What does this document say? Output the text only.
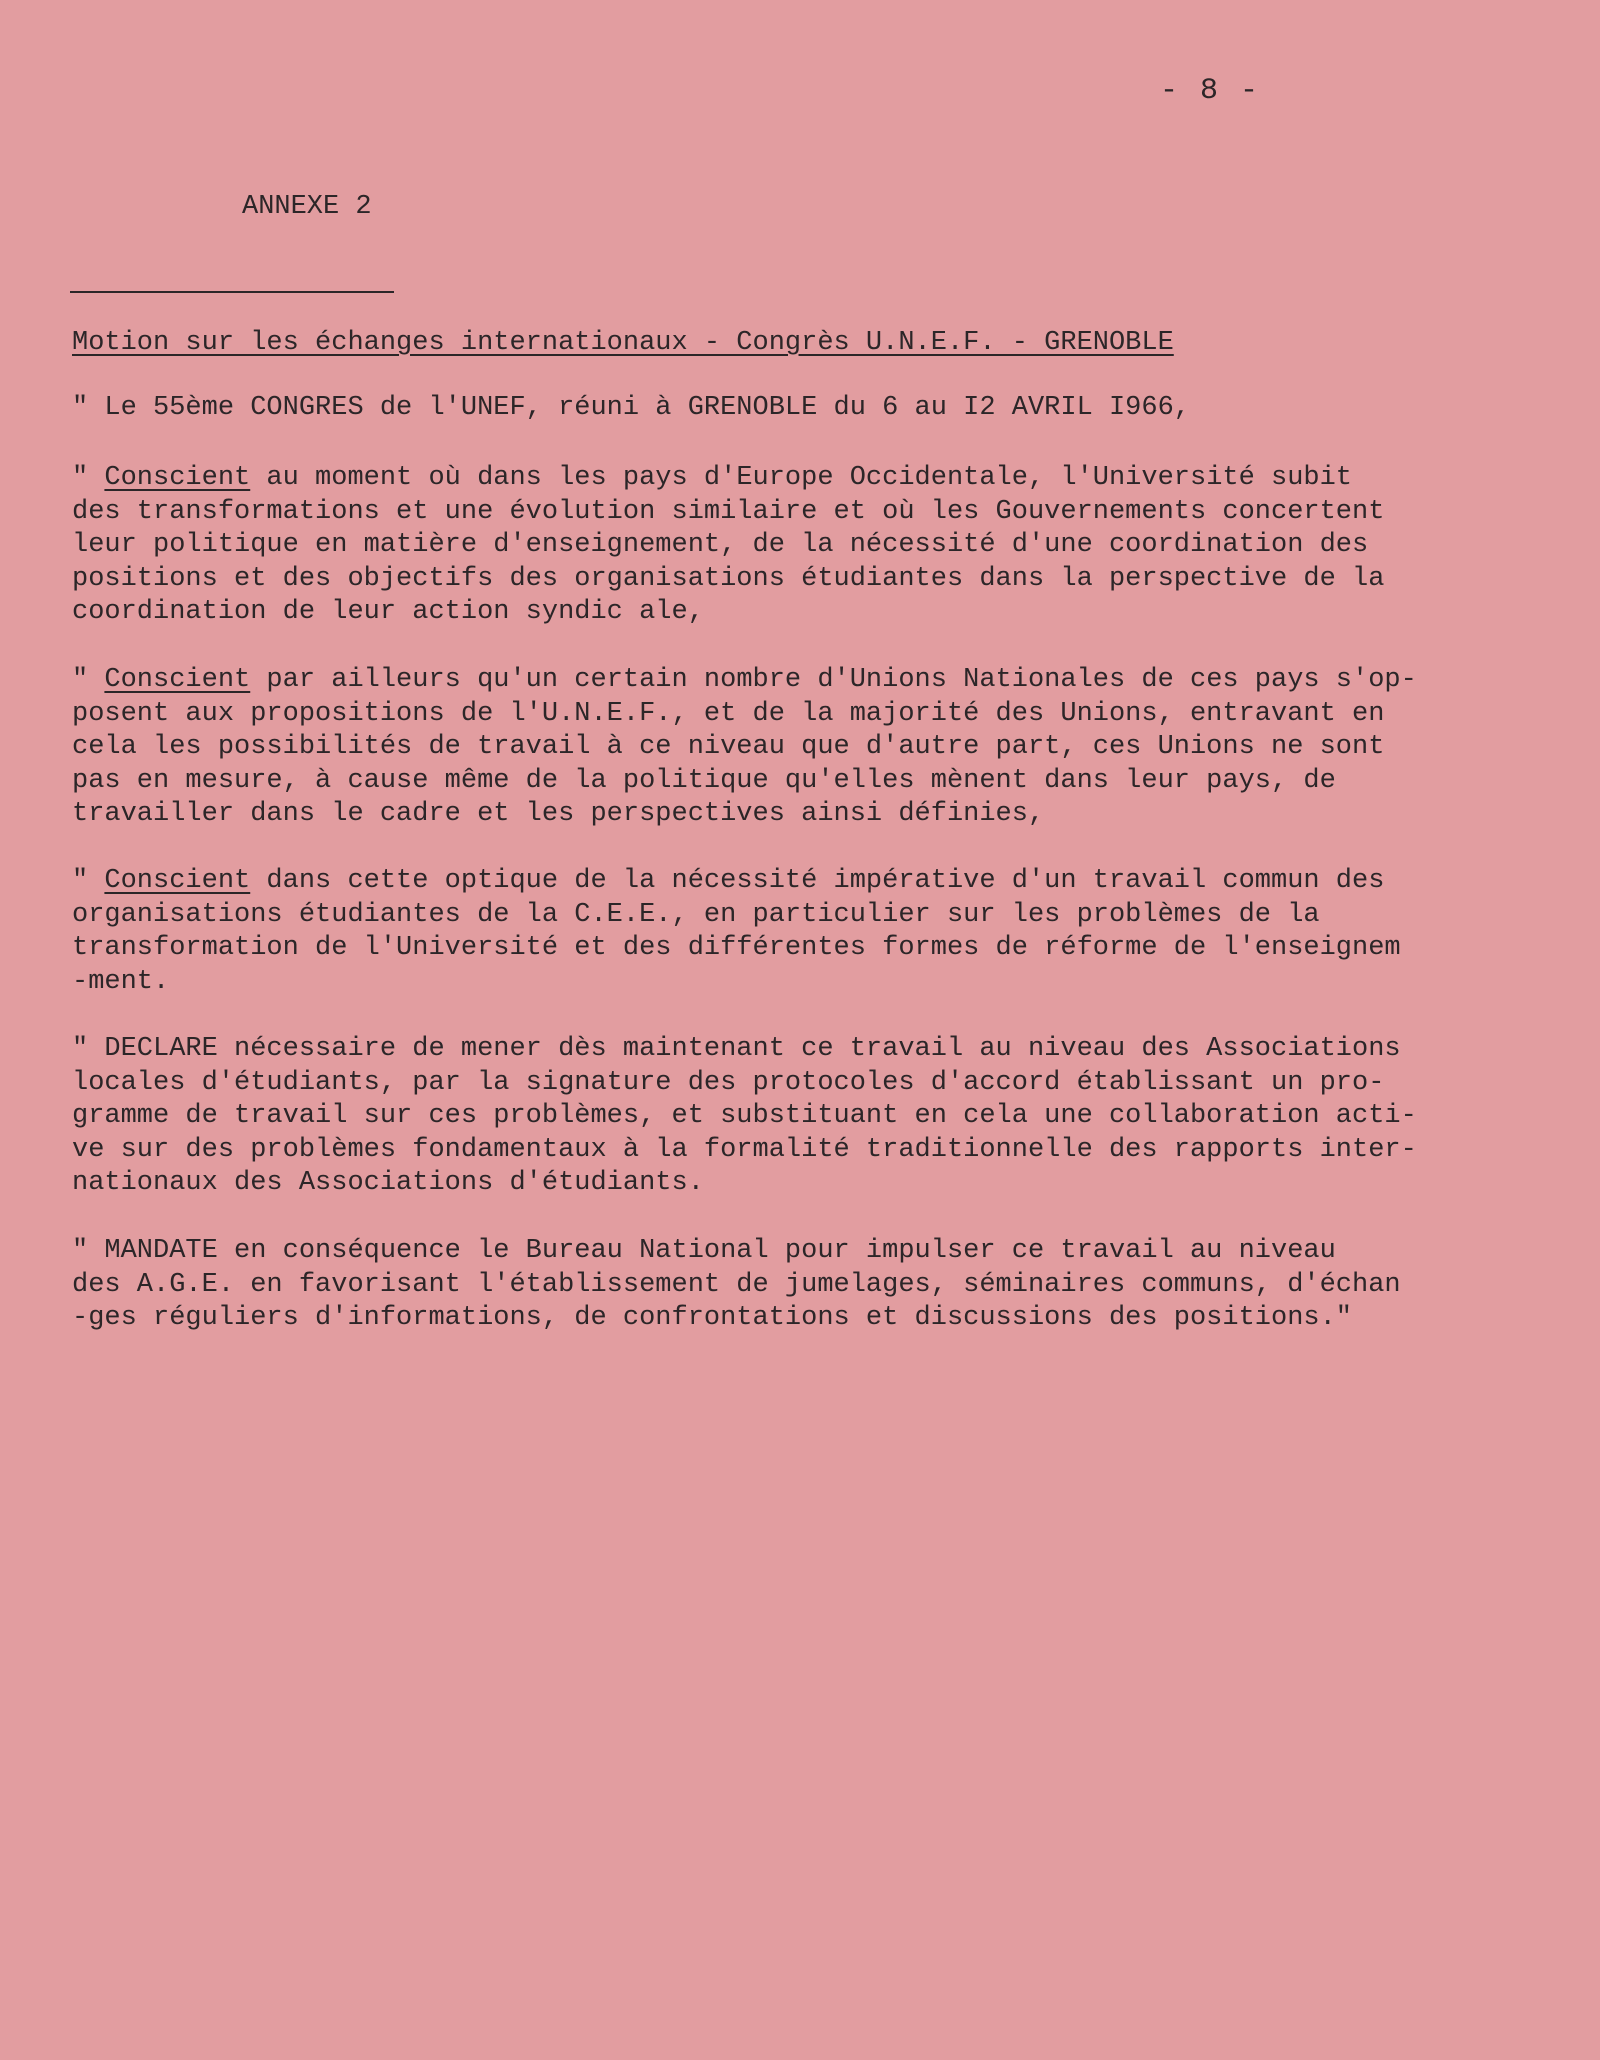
- 8 -
ANNEXE 2
Motion sur les échanges internationaux - Congrès U.N.E.F. - GRENOBLE
" Le 55ème CONGRES de l'UNEF, réuni à GRENOBLE du 6 au I2 AVRIL I966,
" Conscient au moment où dans les pays d'Europe Occidentale, l'Université subit
des transformations et une évolution similaire et où les Gouvernements concertent
leur politique en matière d'enseignement, de la nécessité d'une coordination des
positions et des objectifs des organisations étudiantes dans la perspective de la
coordination de leur action syndic ale,
" Conscient par ailleurs qu'un certain nombre d'Unions Nationales de ces pays s'op-
posent aux propositions de l'U.N.E.F., et de la majorité des Unions, entravant en
cela les possibilités de travail à ce niveau que d'autre part, ces Unions ne sont
pas en mesure, à cause même de la politique qu'elles mènent dans leur pays, de
travailler dans le cadre et les perspectives ainsi définies,
" Conscient dans cette optique de la nécessité impérative d'un travail commun des
organisations étudiantes de la C.E.E., en particulier sur les problèmes de la
transformation de l'Université et des différentes formes de réforme de l'enseignem
-ment.
" DECLARE nécessaire de mener dès maintenant ce travail au niveau des Associations
locales d'étudiants, par la signature des protocoles d'accord établissant un pro-
gramme de travail sur ces problèmes, et substituant en cela une collaboration acti-
ve sur des problèmes fondamentaux à la formalité traditionnelle des rapports inter-
nationaux des Associations d'étudiants.
" MANDATE en conséquence le Bureau National pour impulser ce travail au niveau
des A.G.E. en favorisant l'établissement de jumelages, séminaires communs, d'échan
-ges réguliers d'informations, de confrontations et discussions des positions."
